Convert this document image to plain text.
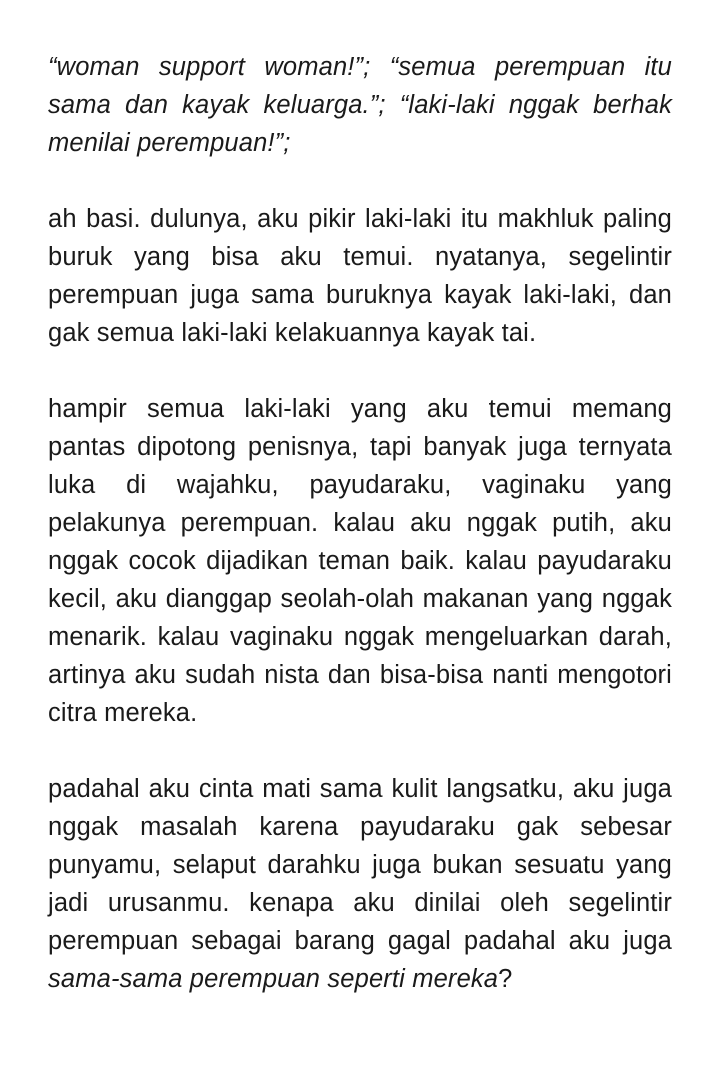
“woman support woman!”; “semua perempuan itu sama dan kayak keluarga.”; “laki-laki nggak berhak menilai perempuan!”;

ah basi. dulunya, aku pikir laki-laki itu makhluk paling buruk yang bisa aku temui. nyatanya, segelintir perempuan juga sama buruknya kayak laki-laki, dan gak semua laki-laki kelakuannya kayak tai.

hampir semua laki-laki yang aku temui memang pantas dipotong penisnya, tapi banyak juga ternyata luka di wajahku, payudaraku, vaginaku yang pelakunya perempuan. kalau aku nggak putih, aku nggak cocok dijadikan teman baik. kalau payudaraku kecil, aku dianggap seolah-olah makanan yang nggak menarik. kalau vaginaku nggak mengeluarkan darah, artinya aku sudah nista dan bisa-bisa nanti mengotori citra mereka.

padahal aku cinta mati sama kulit langsatku, aku juga nggak masalah karena payudaraku gak sebesar punyamu, selaput darahku juga bukan sesuatu yang jadi urusanmu. kenapa aku dinilai oleh segelintir perempuan sebagai barang gagal padahal aku juga sama-sama perempuan seperti mereka?
